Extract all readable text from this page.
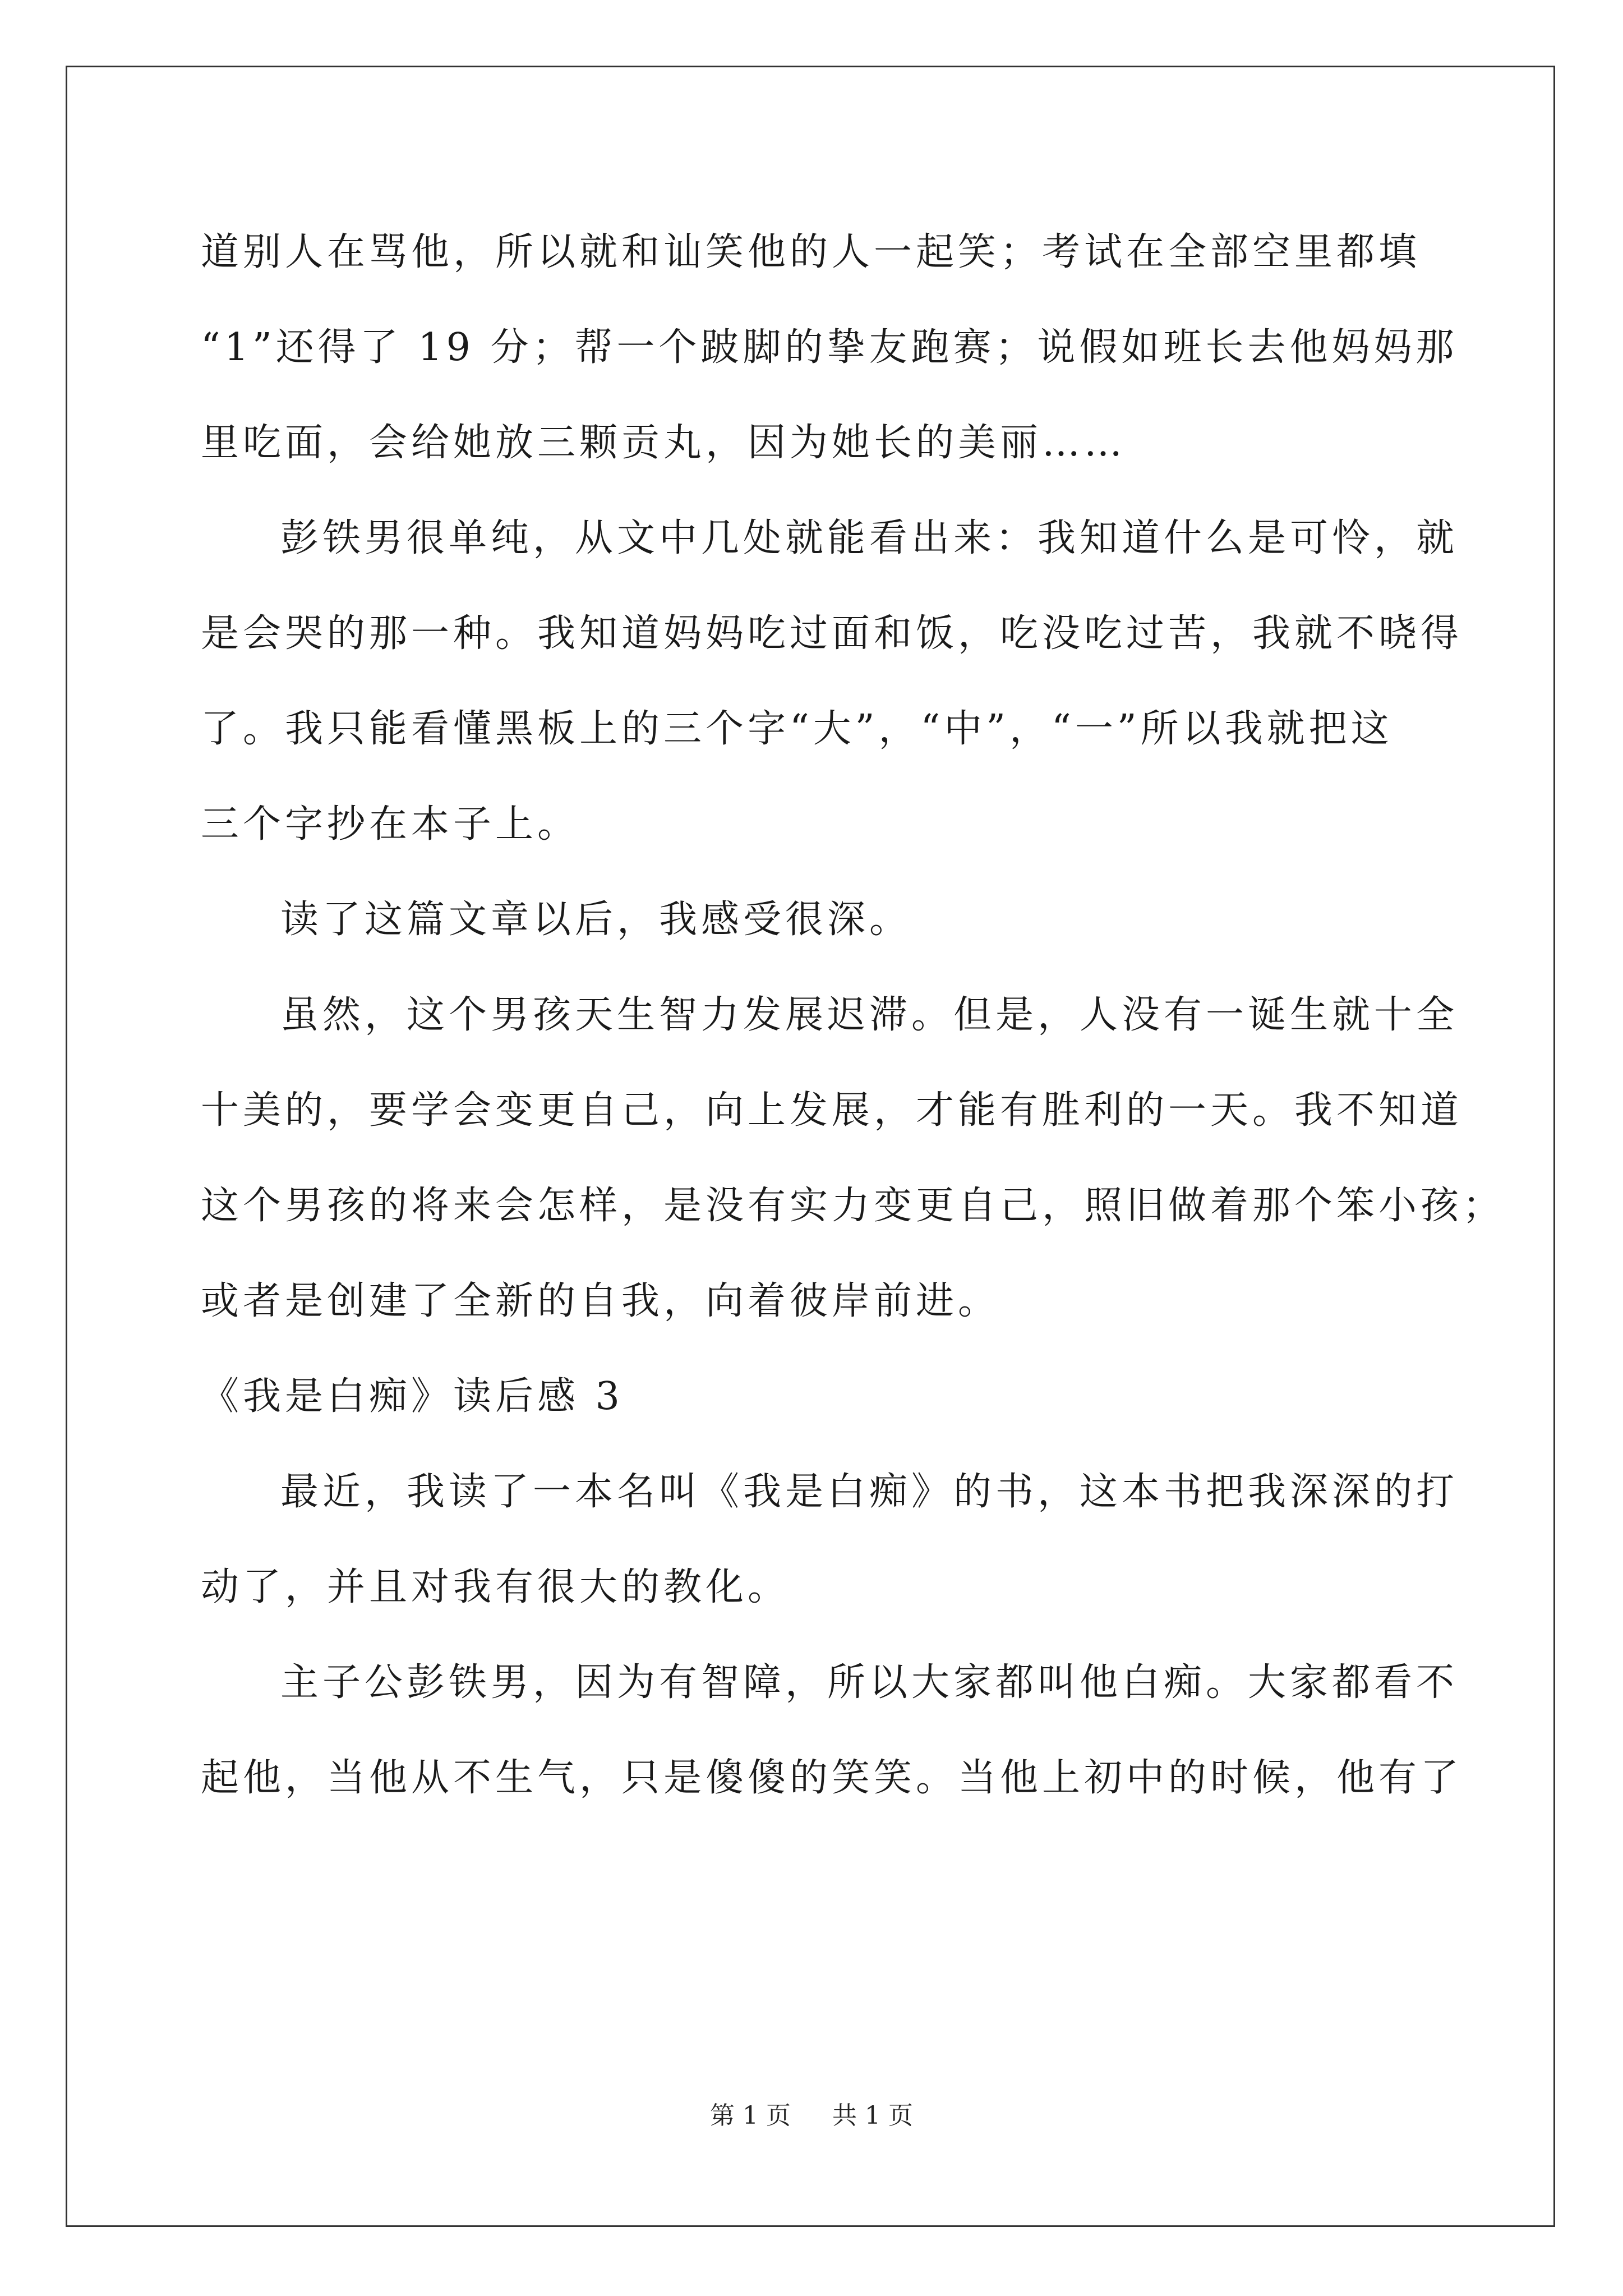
道别人在骂他，所以就和讪笑他的人一起笑；考试在全部空里都填
“1”还得了 19 分；帮一个跛脚的挚友跑赛；说假如班长去他妈妈那
里吃面，会给她放三颗贡丸，因为她长的美丽……
彭铁男很单纯，从文中几处就能看出来：我知道什么是可怜，就
是会哭的那一种。我知道妈妈吃过面和饭，吃没吃过苦，我就不晓得
了。我只能看懂黑板上的三个字“大”，“中”，“一”所以我就把这
三个字抄在本子上。
读了这篇文章以后，我感受很深。
虽然，这个男孩天生智力发展迟滞。但是，人没有一诞生就十全
十美的，要学会变更自己，向上发展，才能有胜利的一天。我不知道
这个男孩的将来会怎样，是没有实力变更自己，照旧做着那个笨小孩；
或者是创建了全新的自我，向着彼岸前进。
《我是白痴》读后感 3
最近，我读了一本名叫《我是白痴》的书，这本书把我深深的打
动了，并且对我有很大的教化。
主子公彭铁男，因为有智障，所以大家都叫他白痴。大家都看不
起他，当他从不生气，只是傻傻的笑笑。当他上初中的时候，他有了
第 1 页 共 1 页
